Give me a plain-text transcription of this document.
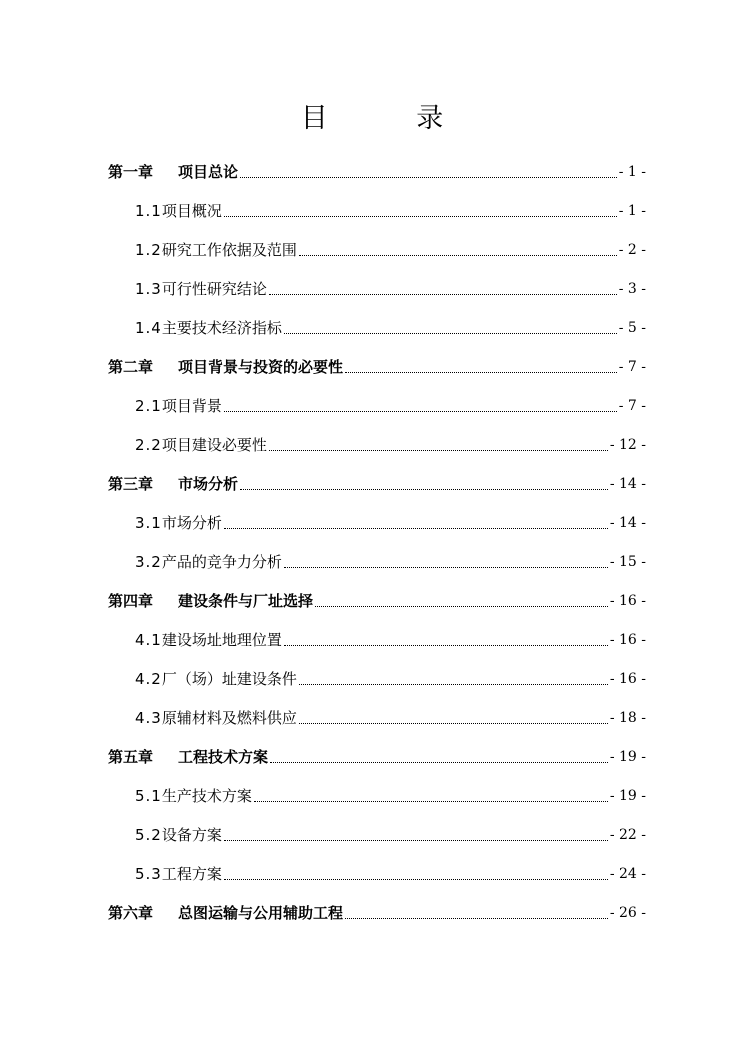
目 录
第一章 项目总论	- 1 -
1.1项目概况	- 1 -
1.2研究工作依据及范围	- 2 -
1.3可行性研究结论	- 3 -
1.4主要技术经济指标	- 5 -
第二章 项目背景与投资的必要性	- 7 -
2.1项目背景	- 7 -
2.2项目建设必要性	- 12 -
第三章 市场分析	- 14 -
3.1市场分析	- 14 -
3.2产品的竞争力分析	- 15 -
第四章 建设条件与厂址选择	- 16 -
4.1建设场址地理位置	- 16 -
4.2厂（场）址建设条件	- 16 -
4.3原辅材料及燃料供应	- 18 -
第五章 工程技术方案	- 19 -
5.1生产技术方案	- 19 -
5.2设备方案	- 22 -
5.3工程方案	- 24 -
第六章 总图运输与公用辅助工程	- 26 -
